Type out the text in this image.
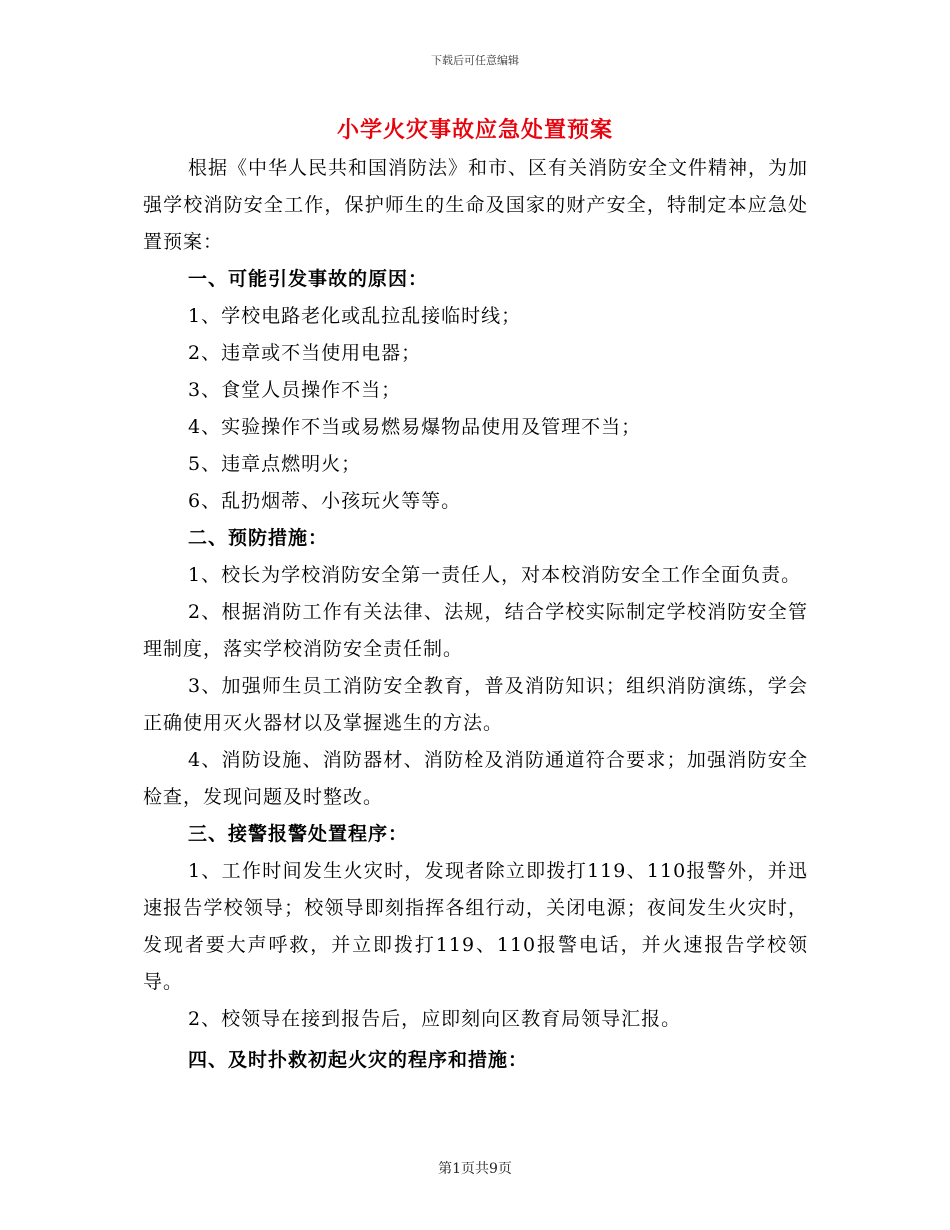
下载后可任意编辑
小学火灾事故应急处置预案

根据《中华人民共和国消防法》和市、区有关消防安全文件精神，为加强学校消防安全工作，保护师生的生命及国家的财产安全，特制定本应急处置预案：

一、可能引发事故的原因：

1、学校电路老化或乱拉乱接临时线；

2、违章或不当使用电器；

3、食堂人员操作不当；

4、实验操作不当或易燃易爆物品使用及管理不当；

5、违章点燃明火；

6、乱扔烟蒂、小孩玩火等等。

二、预防措施：

1、校长为学校消防安全第一责任人，对本校消防安全工作全面负责。

2、根据消防工作有关法律、法规，结合学校实际制定学校消防安全管理制度，落实学校消防安全责任制。

3、加强师生员工消防安全教育，普及消防知识；组织消防演练，学会正确使用灭火器材以及掌握逃生的方法。

4、消防设施、消防器材、消防栓及消防通道符合要求；加强消防安全检查，发现问题及时整改。

三、接警报警处置程序：

1、工作时间发生火灾时，发现者除立即拨打119、110报警外，并迅速报告学校领导；校领导即刻指挥各组行动，关闭电源；夜间发生火灾时，发现者要大声呼救，并立即拨打119、110报警电话，并火速报告学校领导。

2、校领导在接到报告后，应即刻向区教育局领导汇报。

四、及时扑救初起火灾的程序和措施：

第1页共9页
